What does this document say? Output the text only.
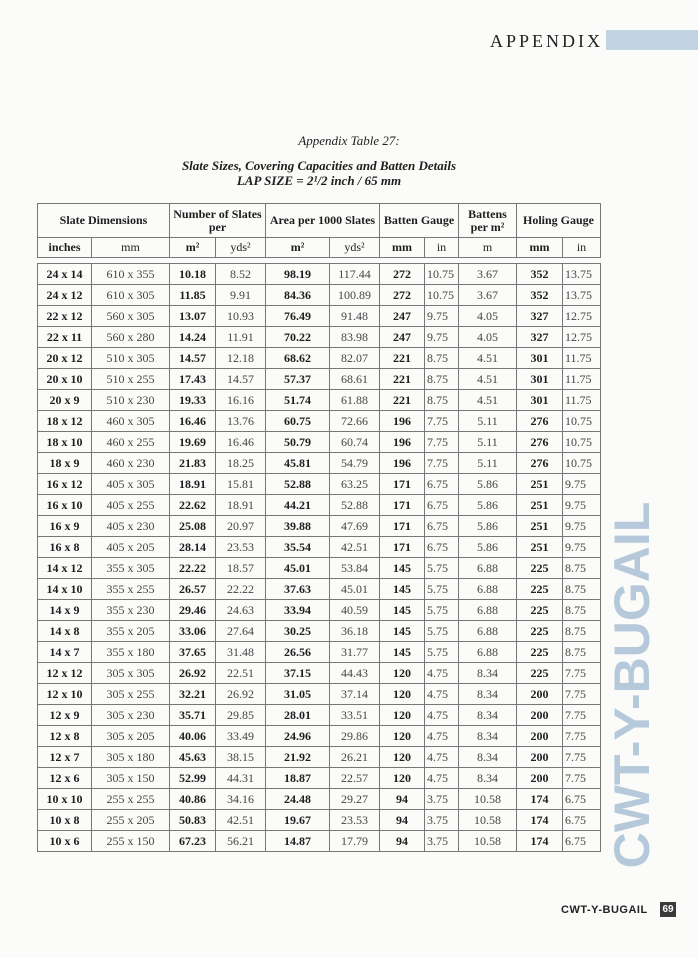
APPENDIX
Appendix Table 27:
Slate Sizes, Covering Capacities and Batten Details
LAP SIZE = 2¹/2 inch / 65 mm
Slate Dimensions		Number of Slates per		Area per 1000 Slates		Batten Gauge		Battens per m²	Holing Gauge	
inches	mm	m²	yds²	m²	yds²	mm	in	m	mm	in

24 x 14	610 x 355	10.18	8.52	98.19	117.44	272	10.75	3.67	352	13.75
24 x 12	610 x 305	11.85	9.91	84.36	100.89	272	10.75	3.67	352	13.75
22 x 12	560 x 305	13.07	10.93	76.49	91.48	247	9.75	4.05	327	12.75
22 x 11	560 x 280	14.24	11.91	70.22	83.98	247	9.75	4.05	327	12.75
20 x 12	510 x 305	14.57	12.18	68.62	82.07	221	8.75	4.51	301	11.75
20 x 10	510 x 255	17.43	14.57	57.37	68.61	221	8.75	4.51	301	11.75
20 x 9	510 x 230	19.33	16.16	51.74	61.88	221	8.75	4.51	301	11.75
18 x 12	460 x 305	16.46	13.76	60.75	72.66	196	7.75	5.11	276	10.75
18 x 10	460 x 255	19.69	16.46	50.79	60.74	196	7.75	5.11	276	10.75
18 x 9	460 x 230	21.83	18.25	45.81	54.79	196	7.75	5.11	276	10.75
16 x 12	405 x 305	18.91	15.81	52.88	63.25	171	6.75	5.86	251	9.75
16 x 10	405 x 255	22.62	18.91	44.21	52.88	171	6.75	5.86	251	9.75
16 x 9	405 x 230	25.08	20.97	39.88	47.69	171	6.75	5.86	251	9.75
16 x 8	405 x 205	28.14	23.53	35.54	42.51	171	6.75	5.86	251	9.75
14 x 12	355 x 305	22.22	18.57	45.01	53.84	145	5.75	6.88	225	8.75
14 x 10	355 x 255	26.57	22.22	37.63	45.01	145	5.75	6.88	225	8.75
14 x 9	355 x 230	29.46	24.63	33.94	40.59	145	5.75	6.88	225	8.75
14 x 8	355 x 205	33.06	27.64	30.25	36.18	145	5.75	6.88	225	8.75
14 x 7	355 x 180	37.65	31.48	26.56	31.77	145	5.75	6.88	225	8.75
12 x 12	305 x 305	26.92	22.51	37.15	44.43	120	4.75	8.34	225	7.75
12 x 10	305 x 255	32.21	26.92	31.05	37.14	120	4.75	8.34	200	7.75
12 x 9	305 x 230	35.71	29.85	28.01	33.51	120	4.75	8.34	200	7.75
12 x 8	305 x 205	40.06	33.49	24.96	29.86	120	4.75	8.34	200	7.75
12 x 7	305 x 180	45.63	38.15	21.92	26.21	120	4.75	8.34	200	7.75
12 x 6	305 x 150	52.99	44.31	18.87	22.57	120	4.75	8.34	200	7.75
10 x 10	255 x 255	40.86	34.16	24.48	29.27	94	3.75	10.58	174	6.75
10 x 8	255 x 205	50.83	42.51	19.67	23.53	94	3.75	10.58	174	6.75
10 x 6	255 x 150	67.23	56.21	14.87	17.79	94	3.75	10.58	174	6.75 CWT-Y-BUGAIL
CWT-Y-BUGAIL 69
